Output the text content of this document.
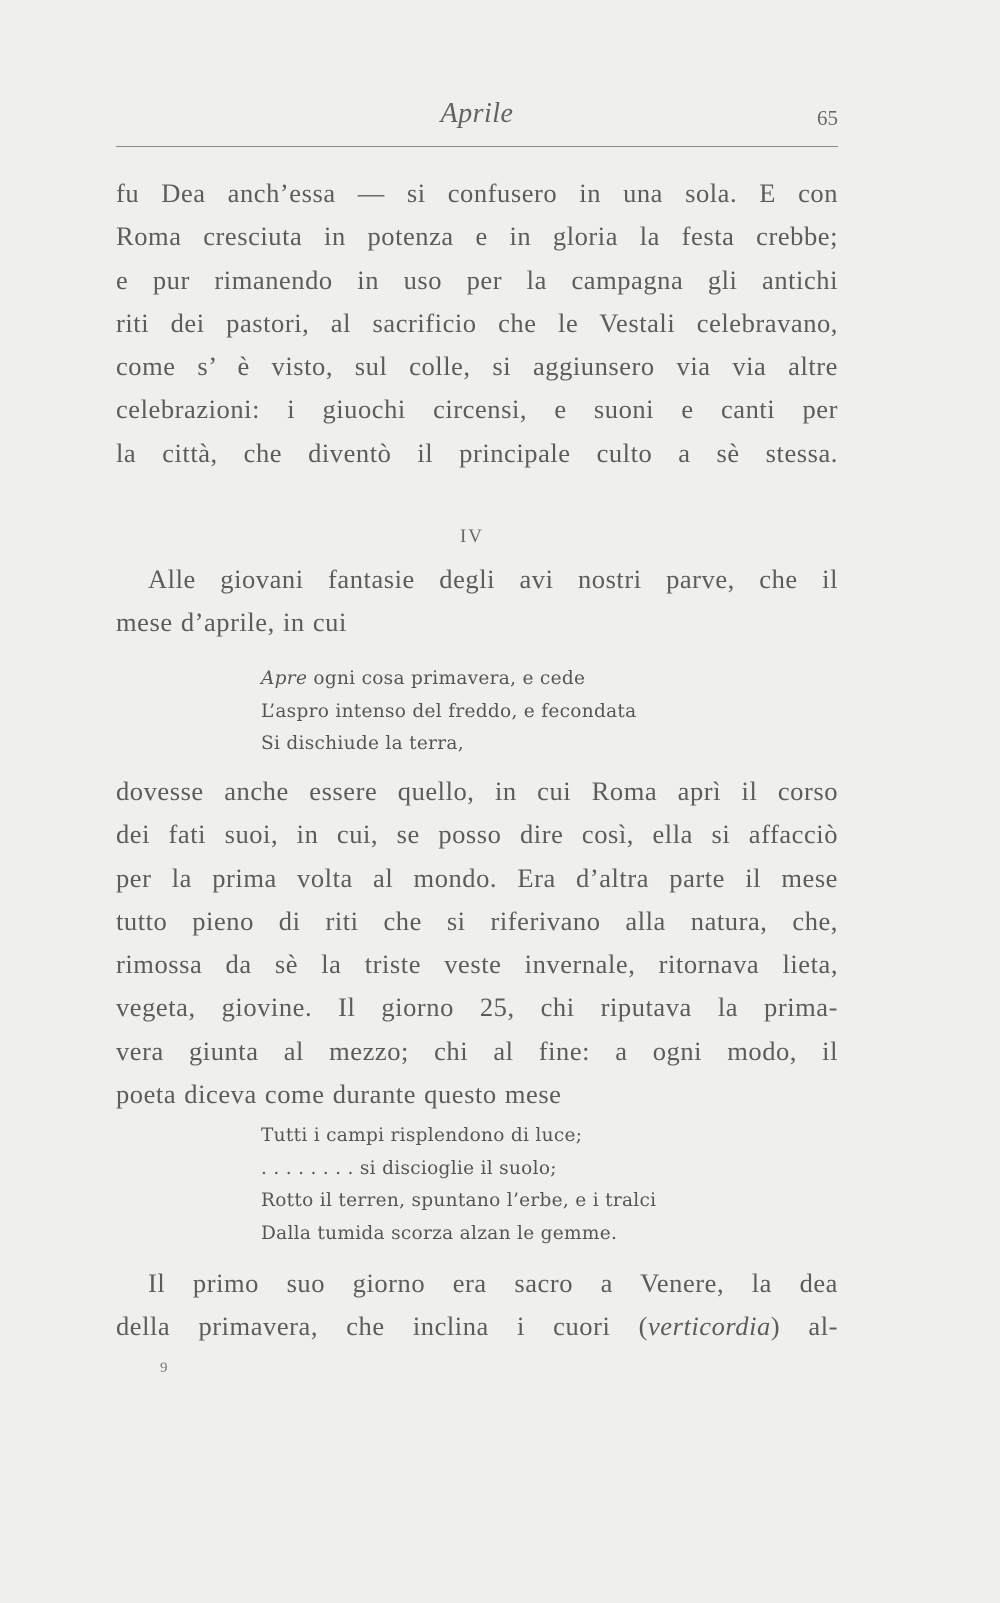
Aprile	65
fu Dea anch’essa — si confusero in una sola. E con
Roma cresciuta in potenza e in gloria la festa crebbe;
e pur rimanendo in uso per la campagna gli antichi
riti dei pastori, al sacrificio che le Vestali celebravano,
come s’ è visto, sul colle, si aggiunsero via via altre
celebrazioni: i giuochi circensi, e suoni e canti per
la città, che diventò il principale culto a sè stessa.
IV
Alle giovani fantasie degli avi nostri parve, che il
mese d’aprile, in cui
Apre ogni cosa primavera, e cede
L’aspro intenso del freddo, e fecondata
Si dischiude la terra,
dovesse anche essere quello, in cui Roma aprì il corso
dei fati suoi, in cui, se posso dire così, ella si affacciò
per la prima volta al mondo. Era d’altra parte il mese
tutto pieno di riti che si riferivano alla natura, che,
rimossa da sè la triste veste invernale, ritornava lieta,
vegeta, giovine. Il giorno 25, chi riputava la prima-
vera giunta al mezzo; chi al fine: a ogni modo, il
poeta diceva come durante questo mese
Tutti i campi risplendono di luce;
. . . . . . . . si discioglie il suolo;
Rotto il terren, spuntano l’erbe, e i tralci
Dalla tumida scorza alzan le gemme.
Il primo suo giorno era sacro a Venere, la dea
della primavera, che inclina i cuori (verticordia) al-
9
